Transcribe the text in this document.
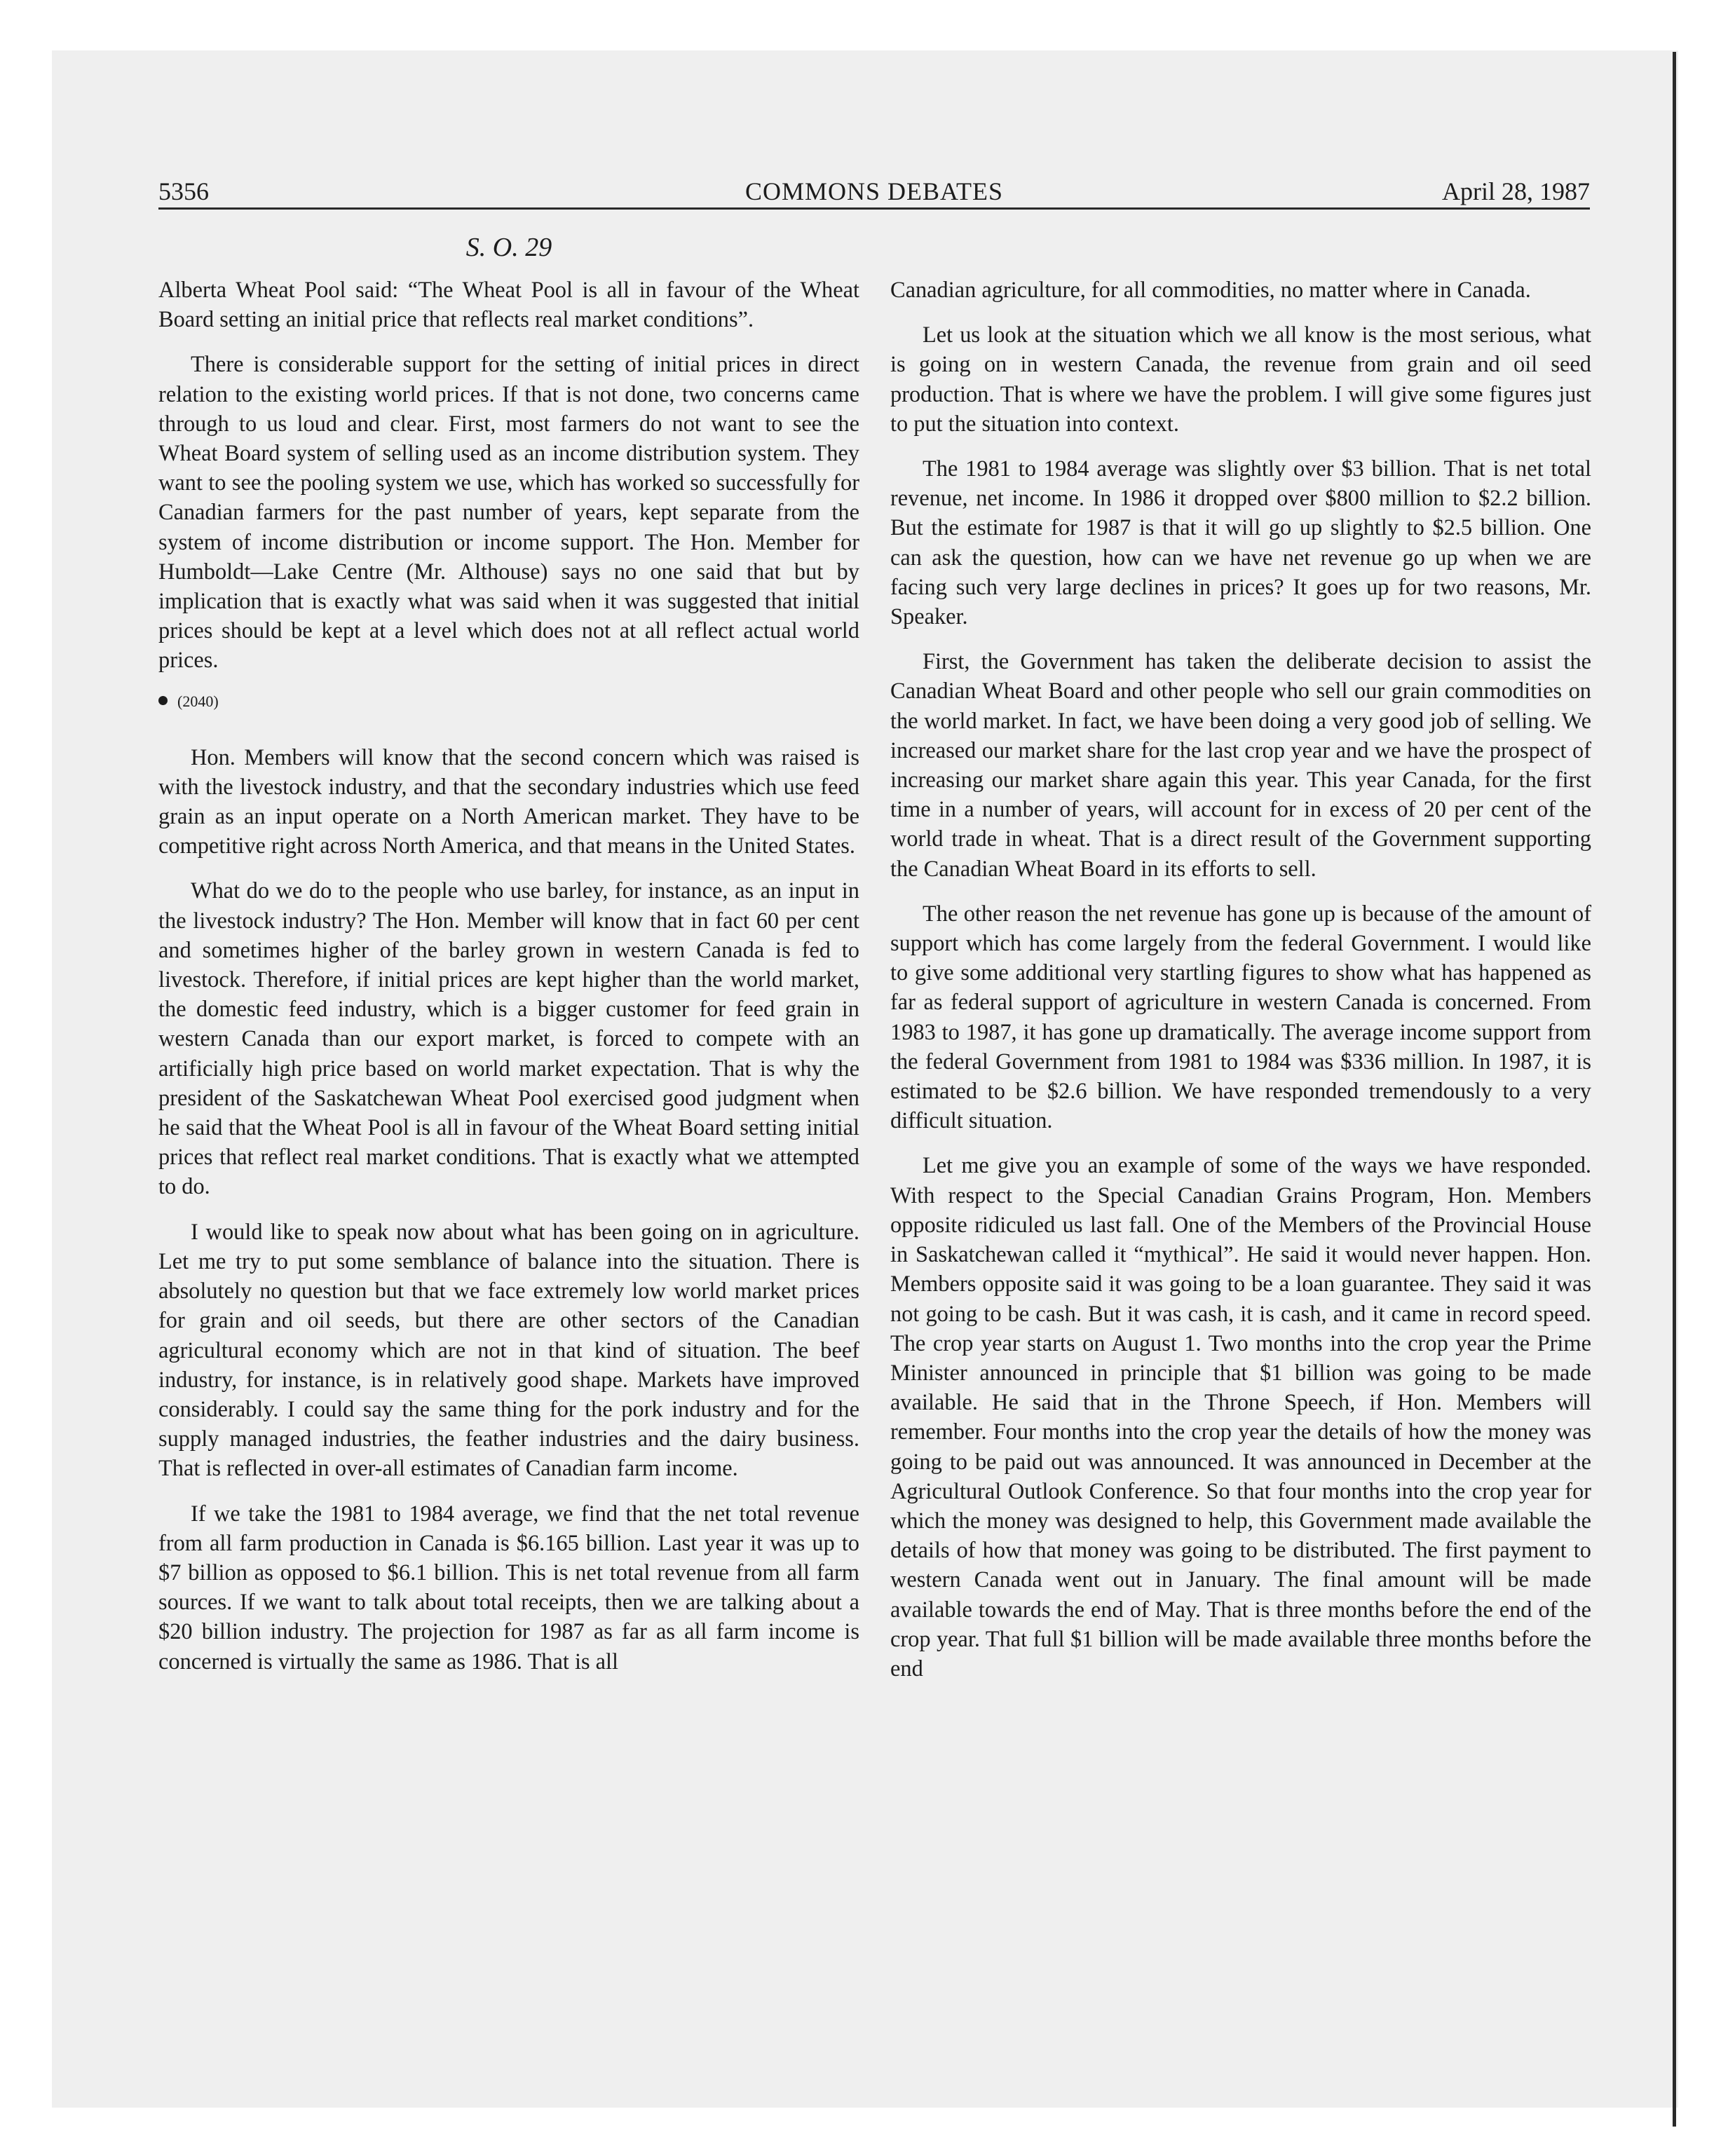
5356	COMMONS DEBATES	April 28, 1987
S. O. 29

Alberta Wheat Pool said: “The Wheat Pool is all in favour of the Wheat Board setting an initial price that reflects real market conditions”.

There is considerable support for the setting of initial prices in direct relation to the existing world prices. If that is not done, two concerns came through to us loud and clear. First, most farmers do not want to see the Wheat Board system of selling used as an income distribution system. They want to see the pooling system we use, which has worked so successfully for Canadian farmers for the past number of years, kept separate from the system of income distribution or income support. The Hon. Member for Humboldt—Lake Centre (Mr. Althouse) says no one said that but by implication that is exactly what was said when it was suggested that initial prices should be kept at a level which does not at all reflect actual world prices.

(2040)

Hon. Members will know that the second concern which was raised is with the livestock industry, and that the secondary industries which use feed grain as an input operate on a North American market. They have to be competitive right across North America, and that means in the United States.

What do we do to the people who use barley, for instance, as an input in the livestock industry? The Hon. Member will know that in fact 60 per cent and sometimes higher of the barley grown in western Canada is fed to livestock. Therefore, if initial prices are kept higher than the world market, the domestic feed industry, which is a bigger customer for feed grain in western Canada than our export market, is forced to compete with an artificially high price based on world market expectation. That is why the president of the Saskatchewan Wheat Pool exercised good judgment when he said that the Wheat Pool is all in favour of the Wheat Board setting initial prices that reflect real market conditions. That is exactly what we attempted to do.

I would like to speak now about what has been going on in agriculture. Let me try to put some semblance of balance into the situation. There is absolutely no question but that we face extremely low world market prices for grain and oil seeds, but there are other sectors of the Canadian agricultural economy which are not in that kind of situation. The beef industry, for instance, is in relatively good shape. Markets have improved considerably. I could say the same thing for the pork industry and for the supply managed industries, the feather industries and the dairy business. That is reflected in over-all estimates of Canadian farm income.

If we take the 1981 to 1984 average, we find that the net total revenue from all farm production in Canada is $6.165 billion. Last year it was up to $7 billion as opposed to $6.1 billion. This is net total revenue from all farm sources. If we want to talk about total receipts, then we are talking about a $20 billion industry. The projection for 1987 as far as all farm income is concerned is virtually the same as 1986. That is all

Canadian agriculture, for all commodities, no matter where in Canada.

Let us look at the situation which we all know is the most serious, what is going on in western Canada, the revenue from grain and oil seed production. That is where we have the problem. I will give some figures just to put the situation into context.

The 1981 to 1984 average was slightly over $3 billion. That is net total revenue, net income. In 1986 it dropped over $800 million to $2.2 billion. But the estimate for 1987 is that it will go up slightly to $2.5 billion. One can ask the question, how can we have net revenue go up when we are facing such very large declines in prices? It goes up for two reasons, Mr. Speaker.

First, the Government has taken the deliberate decision to assist the Canadian Wheat Board and other people who sell our grain commodities on the world market. In fact, we have been doing a very good job of selling. We increased our market share for the last crop year and we have the prospect of increasing our market share again this year. This year Canada, for the first time in a number of years, will account for in excess of 20 per cent of the world trade in wheat. That is a direct result of the Government supporting the Canadian Wheat Board in its efforts to sell.

The other reason the net revenue has gone up is because of the amount of support which has come largely from the federal Government. I would like to give some additional very startling figures to show what has happened as far as federal support of agriculture in western Canada is concerned. From 1983 to 1987, it has gone up dramatically. The average income support from the federal Government from 1981 to 1984 was $336 million. In 1987, it is estimated to be $2.6 billion. We have responded tremendously to a very difficult situation.

Let me give you an example of some of the ways we have responded. With respect to the Special Canadian Grains Program, Hon. Members opposite ridiculed us last fall. One of the Members of the Provincial House in Saskatchewan called it “mythical”. He said it would never happen. Hon. Members opposite said it was going to be a loan guarantee. They said it was not going to be cash. But it was cash, it is cash, and it came in record speed. The crop year starts on August 1. Two months into the crop year the Prime Minister announced in principle that $1 billion was going to be made available. He said that in the Throne Speech, if Hon. Members will remember. Four months into the crop year the details of how the money was going to be paid out was announced. It was announced in December at the Agricultural Outlook Conference. So that four months into the crop year for which the money was designed to help, this Government made available the details of how that money was going to be distributed. The first payment to western Canada went out in January. The final amount will be made available towards the end of May. That is three months before the end of the crop year. That full $1 billion will be made available three months before the end
